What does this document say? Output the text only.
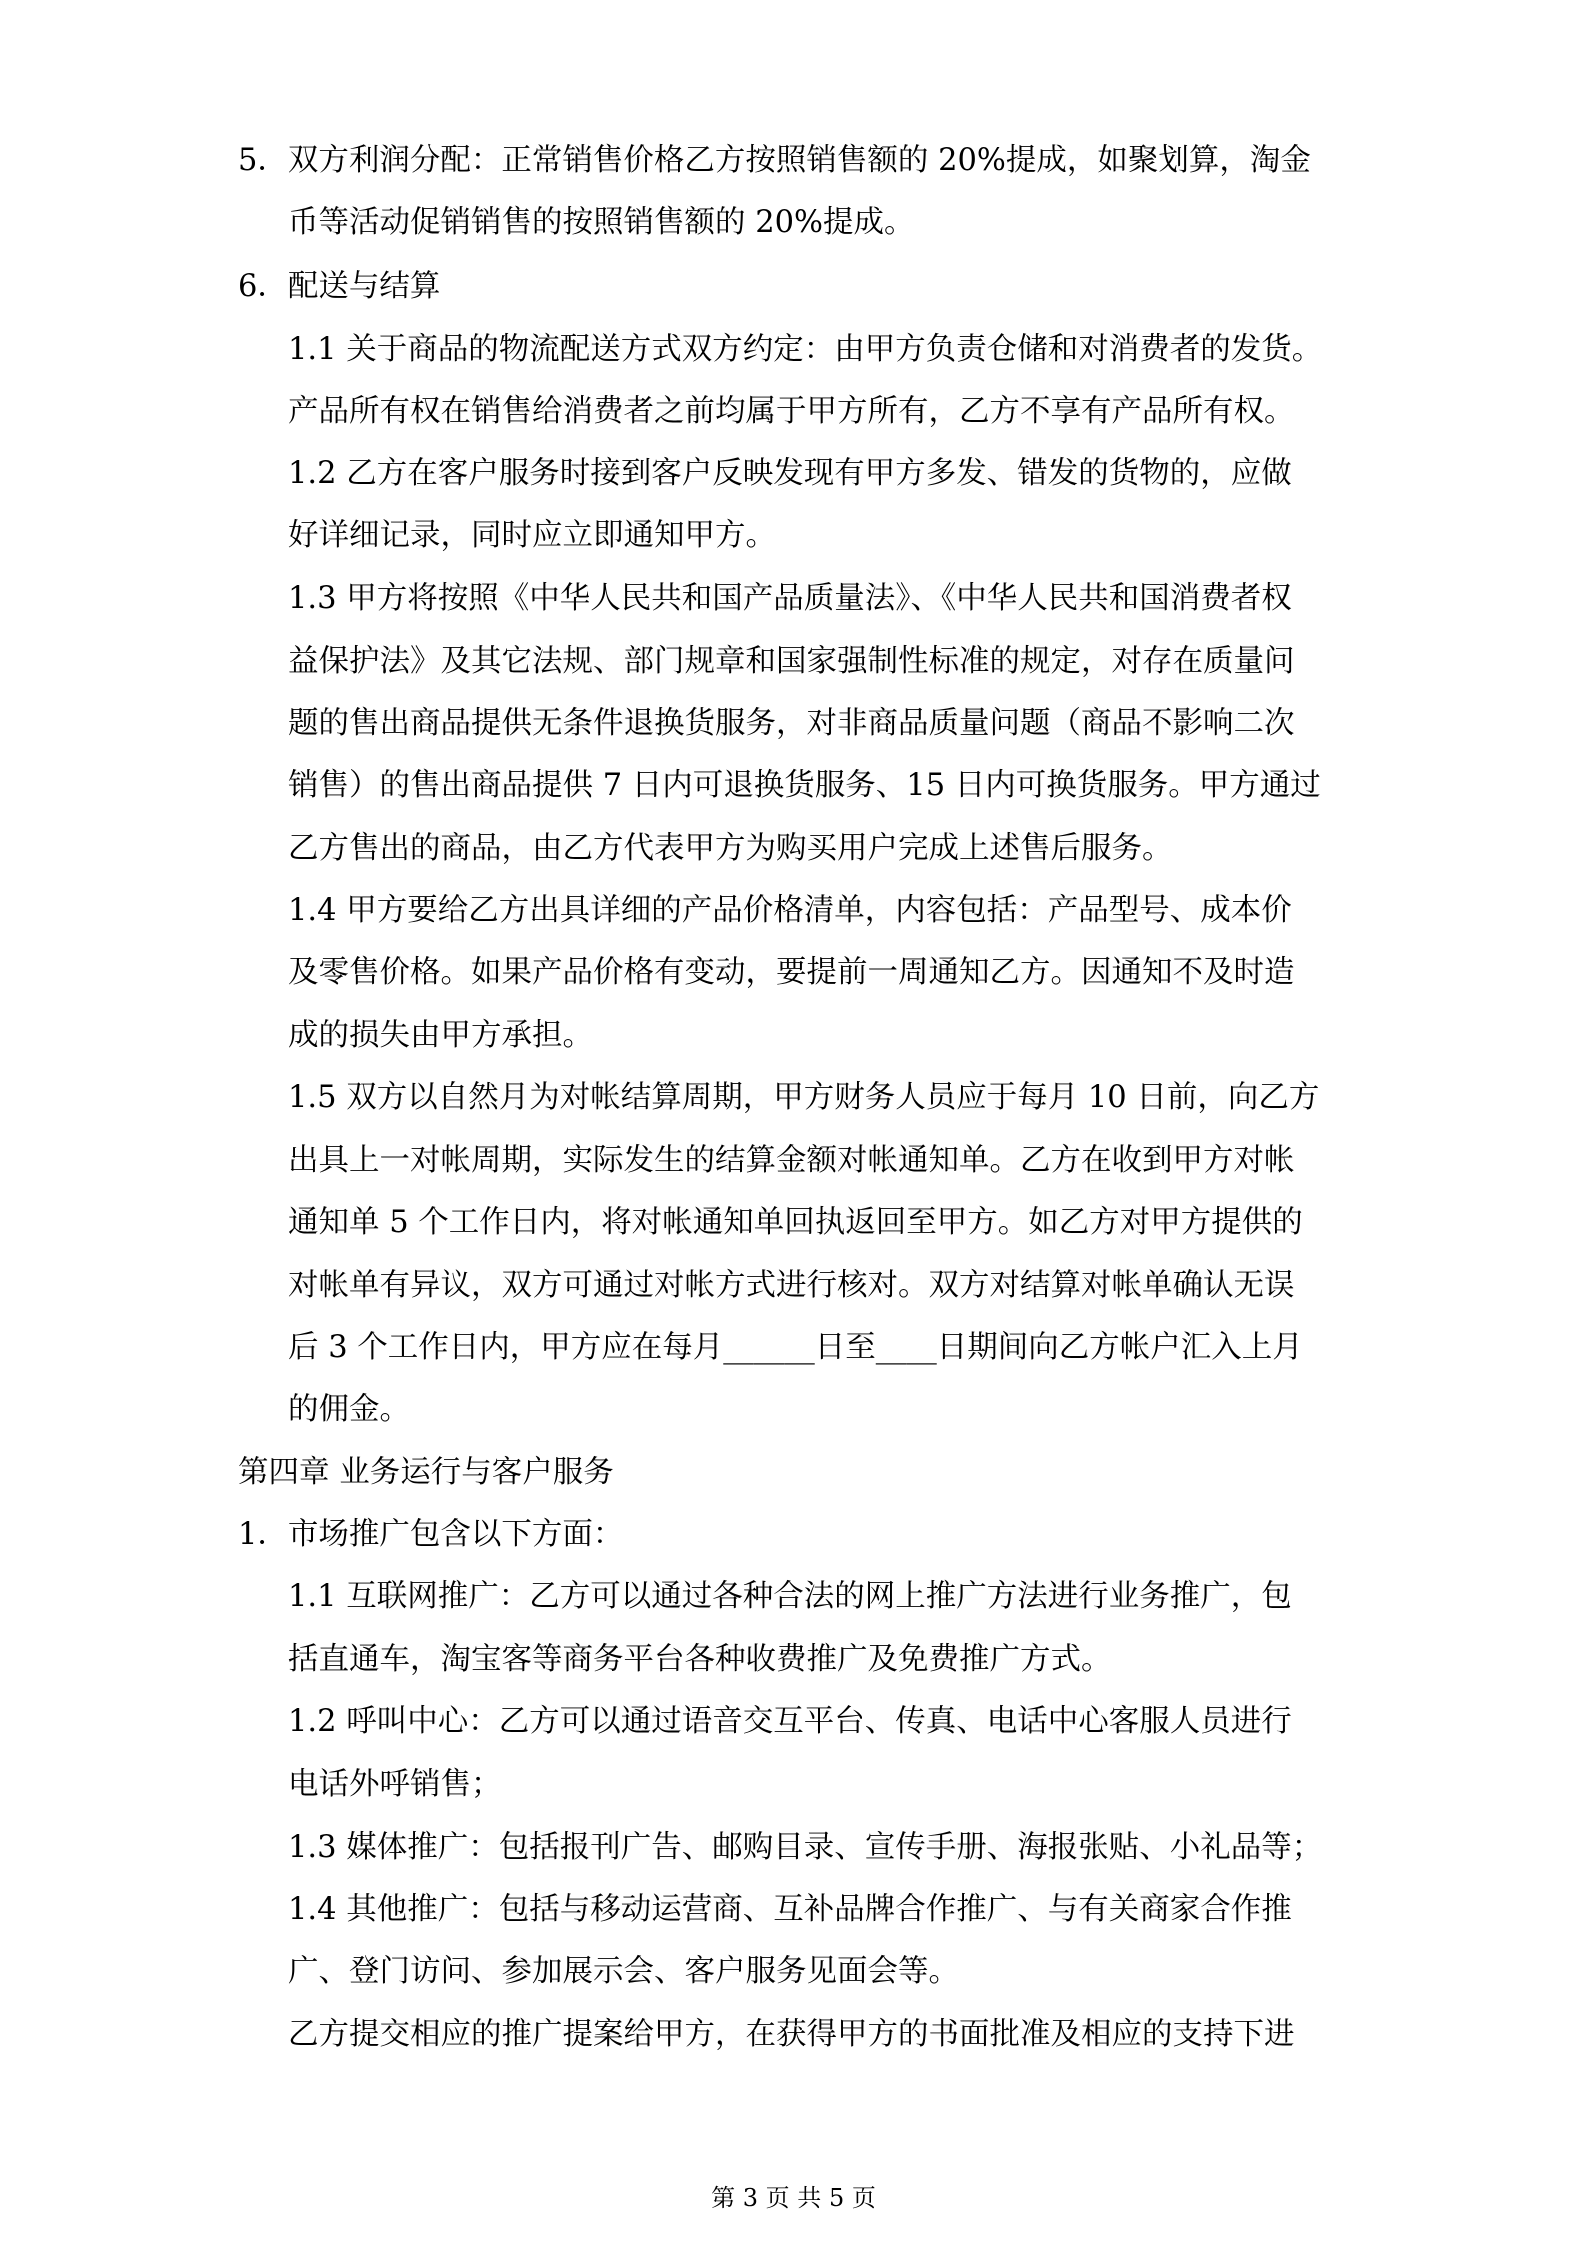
5．双方利润分配：正常销售价格乙方按照销售额的 20%提成，如聚划算，淘金
币等活动促销销售的按照销售额的 20%提成。
6．配送与结算
1.1 关于商品的物流配送方式双方约定：由甲方负责仓储和对消费者的发货。
产品所有权在销售给消费者之前均属于甲方所有，乙方不享有产品所有权。
1.2 乙方在客户服务时接到客户反映发现有甲方多发、错发的货物的，应做
好详细记录，同时应立即通知甲方。
1.3 甲方将按照《中华人民共和国产品质量法》、《中华人民共和国消费者权
益保护法》及其它法规、部门规章和国家强制性标准的规定，对存在质量问
题的售出商品提供无条件退换货服务，对非商品质量问题（商品不影响二次
销售）的售出商品提供 7 日内可退换货服务、15 日内可换货服务。甲方通过
乙方售出的商品，由乙方代表甲方为购买用户完成上述售后服务。
1.4 甲方要给乙方出具详细的产品价格清单，内容包括：产品型号、成本价
及零售价格。如果产品价格有变动，要提前一周通知乙方。因通知不及时造
成的损失由甲方承担。
1.5 双方以自然月为对帐结算周期，甲方财务人员应于每月 10 日前，向乙方
出具上一对帐周期，实际发生的结算金额对帐通知单。乙方在收到甲方对帐
通知单 5 个工作日内，将对帐通知单回执返回至甲方。如乙方对甲方提供的
对帐单有异议，双方可通过对帐方式进行核对。双方对结算对帐单确认无误
后 3 个工作日内，甲方应在每月______日至____日期间向乙方帐户汇入上月
的佣金。
第四章 业务运行与客户服务
1．市场推广包含以下方面：
1.1 互联网推广：乙方可以通过各种合法的网上推广方法进行业务推广，包
括直通车，淘宝客等商务平台各种收费推广及免费推广方式。
1.2 呼叫中心：乙方可以通过语音交互平台、传真、电话中心客服人员进行
电话外呼销售；
1.3 媒体推广：包括报刊广告、邮购目录、宣传手册、海报张贴、小礼品等；
1.4 其他推广：包括与移动运营商、互补品牌合作推广、与有关商家合作推
广、登门访问、参加展示会、客户服务见面会等。
乙方提交相应的推广提案给甲方，在获得甲方的书面批准及相应的支持下进
第 3 页 共 5 页
